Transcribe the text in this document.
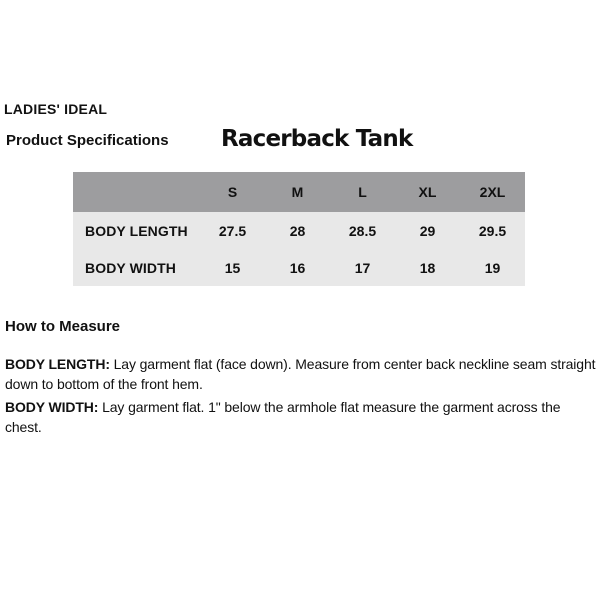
LADIES' IDEAL
Product Specifications Racerback Tank
	S	M	L	XL	2XL
BODY LENGTH	27.5	28	28.5	29	29.5
BODY WIDTH	15	16	17	18	19
How to Measure

BODY LENGTH: Lay garment flat (face down). Measure from center back neckline seam straight down to bottom of the front hem.

BODY WIDTH: Lay garment flat. 1" below the armhole flat measure the garment across the chest.
